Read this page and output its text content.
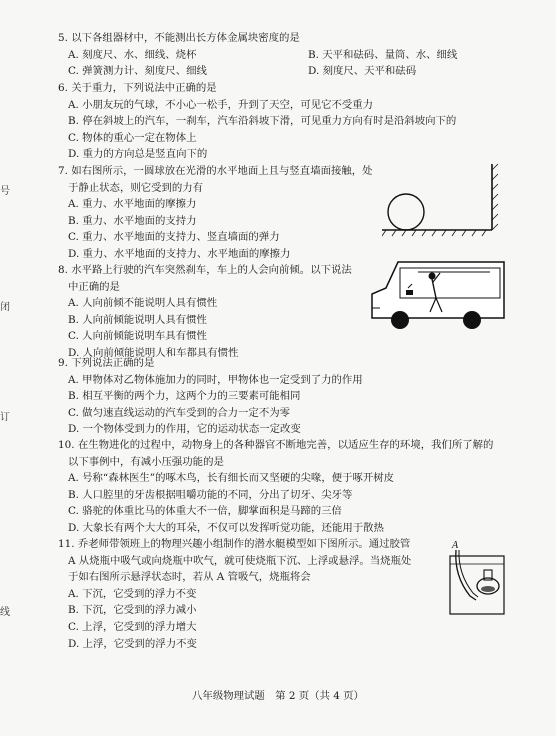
号
闭
订
线
5. 以下各组器材中，不能测出长方体金属块密度的是
A. 刻度尺、水、细线、烧杯	B. 天平和砝码、量筒、水、细线
C. 弹簧测力计、刻度尺、细线	D. 刻度尺、天平和砝码
6. 关于重力，下列说法中正确的是
A. 小朋友玩的气球，不小心一松手，升到了天空，可见它不受重力
B. 停在斜坡上的汽车，一刹车，汽车沿斜坡下滑，可见重力方向有时是沿斜坡向下的
C. 物体的重心一定在物体上
D. 重力的方向总是竖直向下的
7. 如右图所示，一圆球放在光滑的水平地面上且与竖直墙面接触，处
于静止状态，则它受到的力有
A. 重力、水平地面的摩擦力
B. 重力、水平地面的支持力
C. 重力、水平地面的支持力、竖直墙面的弹力
D. 重力、水平地面的支持力、水平地面的摩擦力
8. 水平路上行驶的汽车突然刹车，车上的人会向前倾。以下说法
中正确的是
A. 人向前倾不能说明人具有惯性
B. 人向前倾能说明人具有惯性
C. 人向前倾能说明车具有惯性
D. 人向前倾能说明人和车都具有惯性
9. 下列说法正确的是
A. 甲物体对乙物体施加力的同时，甲物体也一定受到了力的作用
B. 相互平衡的两个力，这两个力的三要素可能相同
C. 做匀速直线运动的汽车受到的合力一定不为零
D. 一个物体受到力的作用，它的运动状态一定改变
10. 在生物进化的过程中，动物身上的各种器官不断地完善，以适应生存的环境，我们所了解的
以下事例中，有减小压强功能的是
A. 号称“森林医生”的啄木鸟，长有细长而又坚硬的尖喙，便于啄开树皮
B. 人口腔里的牙齿根据咀嚼功能的不同，分出了切牙、尖牙等
C. 骆驼的体重比马的体重大不一倍，脚掌面积是马蹄的三倍
D. 大象长有两个大大的耳朵，不仅可以发挥听觉功能，还能用于散热
11. 乔老师带领班上的物理兴趣小组制作的潜水艇模型如下图所示。通过胶管
A 从烧瓶中吸气或向烧瓶中吹气，就可使烧瓶下沉、上浮或悬浮。当烧瓶处
于如右图所示悬浮状态时，若从 A 管吸气，烧瓶将会
A. 下沉，它受到的浮力不变
B. 下沉，它受到的浮力减小
C. 上浮，它受到的浮力增大
D. 上浮，它受到的浮力不变
A
八年级物理试题　第 2 页（共 4 页）
